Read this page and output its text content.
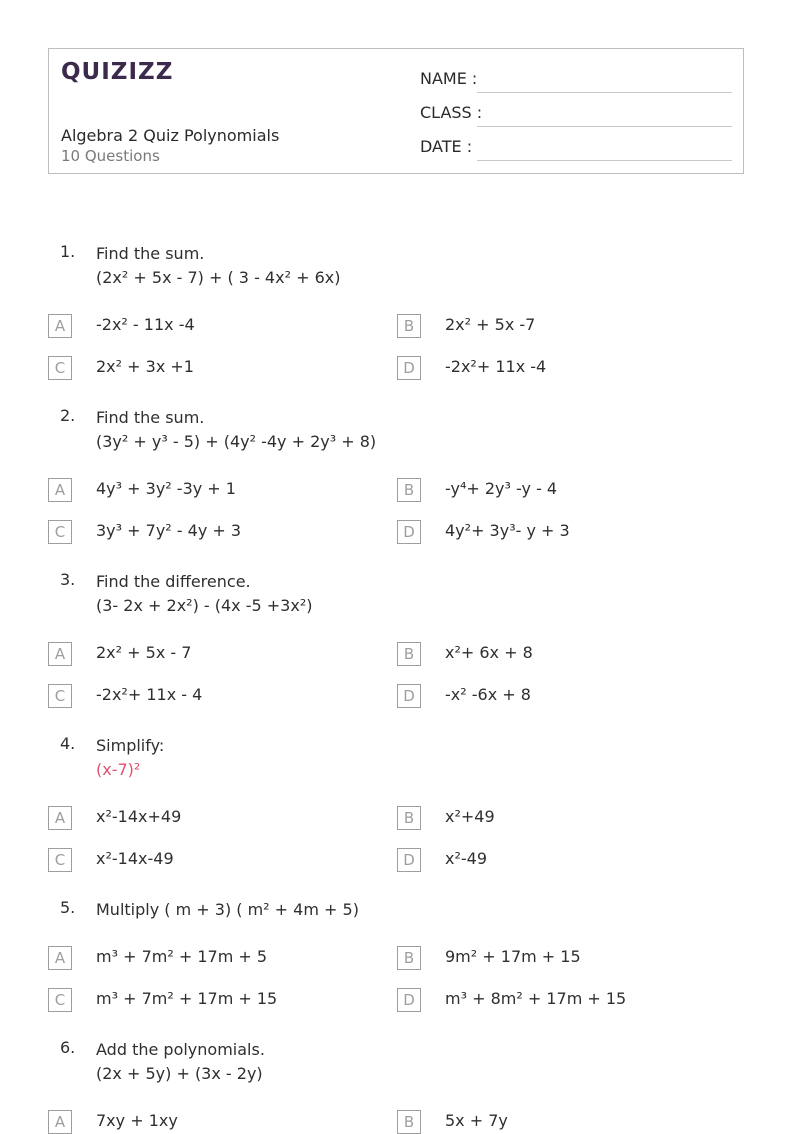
QUIZIZZ
Algebra 2 Quiz Polynomials
10 Questions
NAME :
CLASS :
DATE :
1. Find the sum.
(2x² + 5x - 7) + ( 3 - 4x² + 6x)
A	-2x² - 11x -4	B	2x² + 5x -7
C	2x² + 3x +1	D	-2x²+ 11x -4
2. Find the sum.
(3y² + y³ - 5) + (4y² -4y + 2y³ + 8)
A	4y³ + 3y² -3y + 1	B	-y⁴+ 2y³ -y - 4
C	3y³ + 7y² - 4y + 3	D	4y²+ 3y³- y + 3
3. Find the difference.
(3- 2x + 2x²) - (4x -5 +3x²)
A	2x² + 5x - 7	B	x²+ 6x + 8
C	-2x²+ 11x - 4	D	-x² -6x + 8
4. Simplify:
(x-7)²
A	x²-14x+49	B	x²+49
C	x²-14x-49	D	x²-49
5. Multiply ( m + 3) ( m² + 4m + 5)
A	m³ + 7m² + 17m + 5	B	9m² + 17m + 15
C	m³ + 7m² + 17m + 15	D	m³ + 8m² + 17m + 15
6. Add the polynomials.
(2x + 5y) + (3x - 2y)
A	7xy + 1xy	B	5x + 7y
